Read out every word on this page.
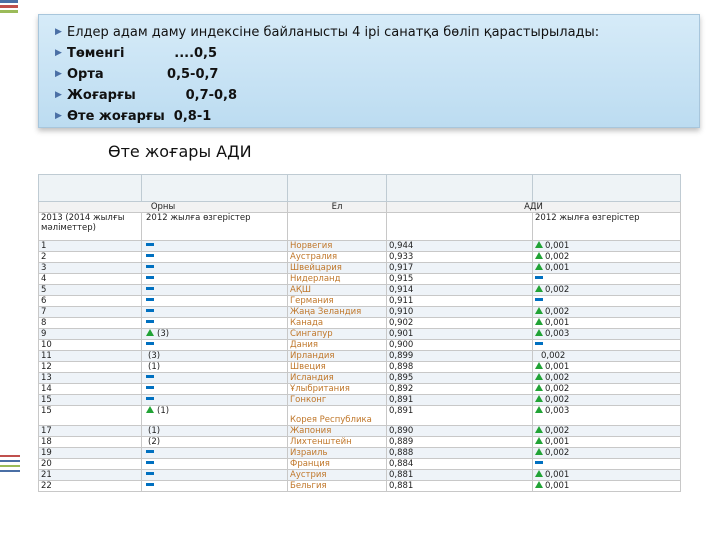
▶ Елдер адам даму индексіне байланысты 4 ірі санатқа бөліп қарастырылады:
▶ Төменгі           ....0,5
▶ Орта              0,5-0,7
▶ Жоғарғы           0,7-0,8
▶ Өте жоғарғы  0,8-1
Өте жоғары АДИ

Орны		Ел	АДИ	
2013 (2014 жылғы мәліметтер)	2012 жылға өзгерістер			2012 жылға өзгерістер
1		Норвегия	0,944	0,001
2		Аустралия	0,933	0,002
3		Швейцария	0,917	0,001
4		Нидерланд	0,915	
5		АҚШ	0,914	0,002
6		Германия	0,911	
7		Жаңа Зеландия	0,910	0,002
8		Канада	0,902	0,001
9	(3)	Сингапур	0,901	0,003
10		Дания	0,900	
11	(3)	Ирландия	0,899	0,002
12	(1)	Швеция	0,898	0,001
13		Исландия	0,895	0,002
14		Ұлыбритания	0,892	0,002
15		Гонконг	0,891	0,002
15	(1)	Корея Республика	0,891	0,003
17	(1)	Жапония	0,890	0,002
18	(2)	Лихтенштейн	0,889	0,001
19		Израиль	0,888	0,002
20		Франция	0,884	
21		Аустрия	0,881	0,001
22		Бельгия	0,881	0,001
